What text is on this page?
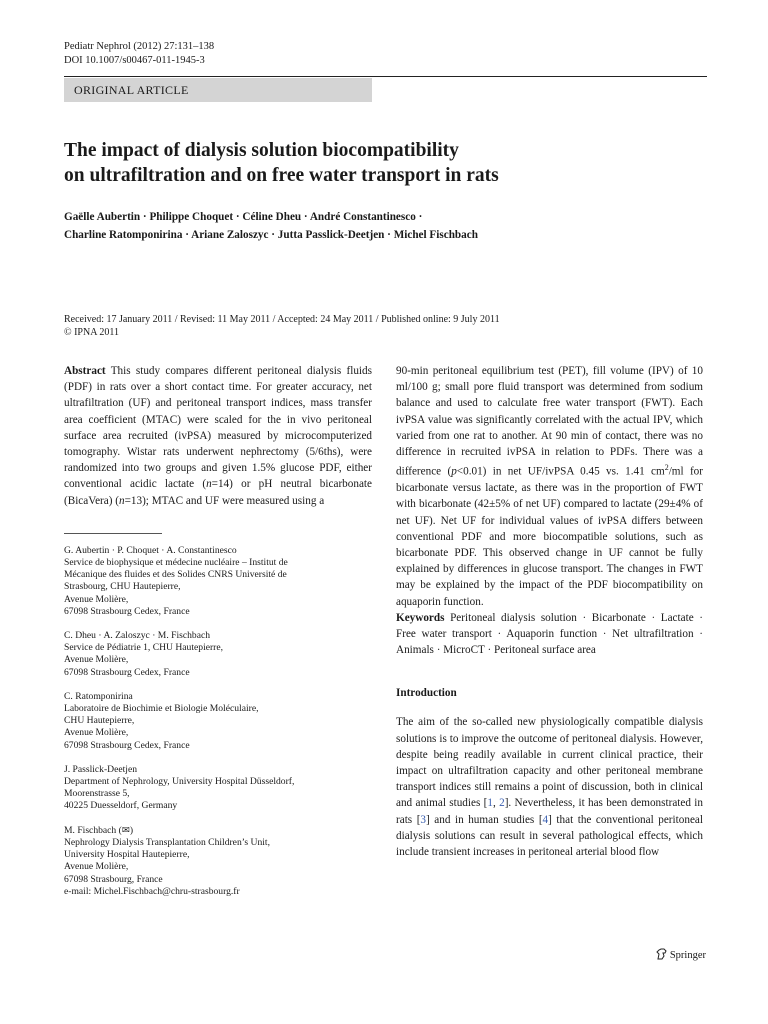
Pediatr Nephrol (2012) 27:131–138
DOI 10.1007/s00467-011-1945-3
ORIGINAL ARTICLE
The impact of dialysis solution biocompatibility
on ultrafiltration and on free water transport in rats
Gaëlle Aubertin · Philippe Choquet · Céline Dheu · André Constantinesco ·
Charline Ratomponirina · Ariane Zaloszyc · Jutta Passlick-Deetjen · Michel Fischbach
Received: 17 January 2011 / Revised: 11 May 2011 / Accepted: 24 May 2011 / Published online: 9 July 2011
© IPNA 2011

Abstract This study compares different peritoneal dialysis fluids (PDF) in rats over a short contact time. For greater accuracy, net ultrafiltration (UF) and peritoneal transport indices, mass transfer area coefficient (MTAC) were scaled for the in vivo peritoneal surface area recruited (ivPSA) measured by microcomputerized tomography. Wistar rats underwent nephrectomy (5/6ths), were randomized into two groups and given 1.5% glucose PDF, either conventional acidic lactate (n=14) or pH neutral bicarbonate (BicaVera) (n=13); MTAC and UF were measured using a

G. Aubertin · P. Choquet · A. Constantinesco
Service de biophysique et médecine nucléaire – Institut de
Mécanique des fluides et des Solides CNRS Université de
Strasbourg, CHU Hautepierre,
Avenue Molière,
67098 Strasbourg Cedex, France
C. Dheu · A. Zaloszyc · M. Fischbach
Service de Pédiatrie 1, CHU Hautepierre,
Avenue Molière,
67098 Strasbourg Cedex, France
C. Ratomponirina
Laboratoire de Biochimie et Biologie Moléculaire,
CHU Hautepierre,
Avenue Molière,
67098 Strasbourg Cedex, France
J. Passlick-Deetjen
Department of Nephrology, University Hospital Düsseldorf,
Moorenstrasse 5,
40225 Duesseldorf, Germany
M. Fischbach (✉)
Nephrology Dialysis Transplantation Children’s Unit,
University Hospital Hautepierre,
Avenue Molière,
67098 Strasbourg, France
e-mail: Michel.Fischbach@chru-strasbourg.fr

90-min peritoneal equilibrium test (PET), fill volume (IPV) of 10 ml/100 g; small pore fluid transport was determined from sodium balance and used to calculate free water transport (FWT). Each ivPSA value was significantly correlated with the actual IPV, which varied from one rat to another. At 90 min of contact, there was no difference in recruited ivPSA in relation to PDFs. There was a difference (p<0.01) in net UF/ivPSA 0.45 vs. 1.41 $cm^2/ml$ for bicarbonate versus lactate, as there was in the proportion of FWT with bicarbonate (42±5% of net UF) compared to lactate (29±4% of net UF). Net UF for individual values of ivPSA differs between conventional PDF and more biocompatible solutions, such as bicarbonate PDF. This observed change in UF cannot be fully explained by differences in glucose transport. The changes in FWT may be explained by the impact of the PDF biocompatibility on aquaporin function.

Keywords Peritoneal dialysis solution · Bicarbonate · Lactate · Free water transport · Aquaporin function · Net ultrafiltration · Animals · MicroCT · Peritoneal surface area

Introduction

The aim of the so-called new physiologically compatible dialysis solutions is to improve the outcome of peritoneal dialysis. However, despite being readily available in current clinical practice, their impact on ultrafiltration capacity and other peritoneal membrane transport indices still remains a point of discussion, both in clinical and animal studies [1, 2]. Nevertheless, it has been demonstrated in rats [3] and in human studies [4] that the conventional peritoneal dialysis solutions can result in several pathological effects, which include transient increases in peritoneal arterial blood flow

Springer
